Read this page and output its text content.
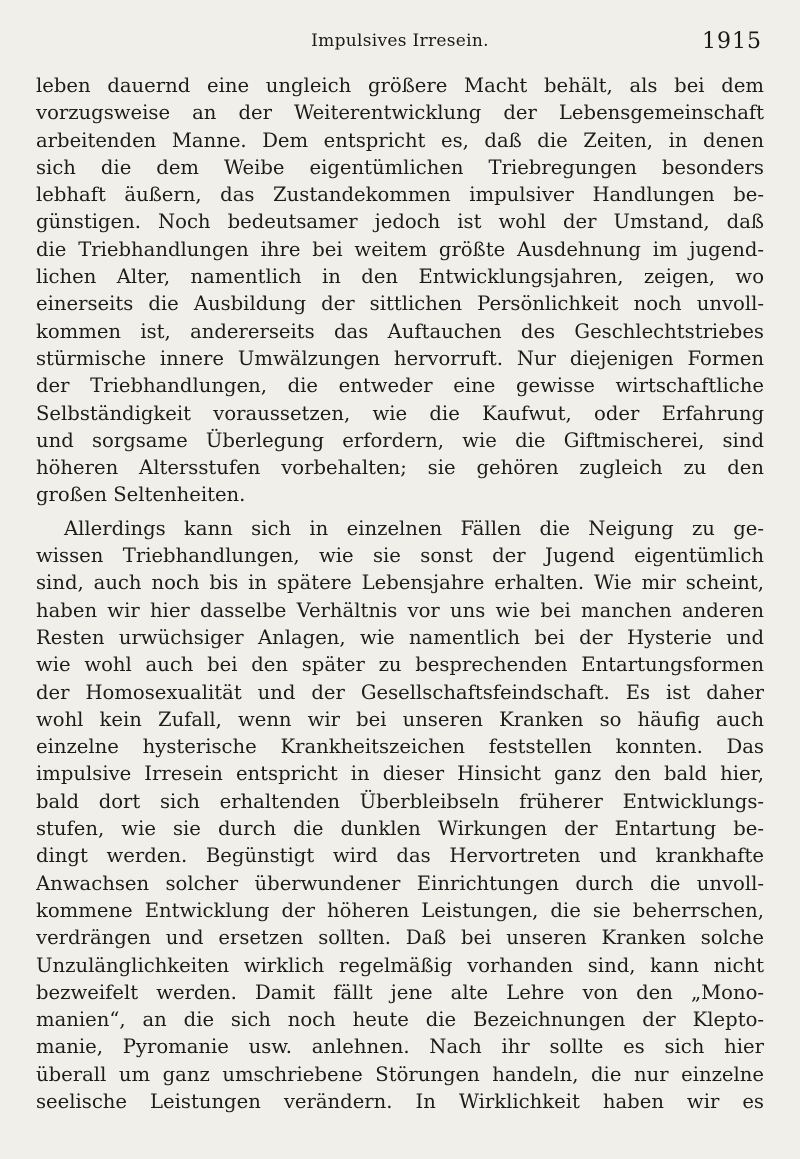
Impulsives Irresein.	1915
leben dauernd eine ungleich größere Macht behält, als bei dem
vorzugsweise an der Weiterentwicklung der Lebensgemeinschaft
arbeitenden Manne. Dem entspricht es, daß die Zeiten, in denen
sich die dem Weibe eigentümlichen Triebregungen besonders
lebhaft äußern, das Zustandekommen impulsiver Handlungen be-
günstigen. Noch bedeutsamer jedoch ist wohl der Umstand, daß
die Triebhandlungen ihre bei weitem größte Ausdehnung im jugend-
lichen Alter, namentlich in den Entwicklungsjahren, zeigen, wo
einerseits die Ausbildung der sittlichen Persönlichkeit noch unvoll-
kommen ist, andererseits das Auftauchen des Geschlechtstriebes
stürmische innere Umwälzungen hervorruft. Nur diejenigen Formen
der Triebhandlungen, die entweder eine gewisse wirtschaftliche
Selbständigkeit voraussetzen, wie die Kaufwut, oder Erfahrung
und sorgsame Überlegung erfordern, wie die Giftmischerei, sind
höheren Altersstufen vorbehalten; sie gehören zugleich zu den
großen Seltenheiten.
Allerdings kann sich in einzelnen Fällen die Neigung zu ge-
wissen Triebhandlungen, wie sie sonst der Jugend eigentümlich
sind, auch noch bis in spätere Lebensjahre erhalten. Wie mir scheint,
haben wir hier dasselbe Verhältnis vor uns wie bei manchen anderen
Resten urwüchsiger Anlagen, wie namentlich bei der Hysterie und
wie wohl auch bei den später zu besprechenden Entartungsformen
der Homosexualität und der Gesellschaftsfeindschaft. Es ist daher
wohl kein Zufall, wenn wir bei unseren Kranken so häufig auch
einzelne hysterische Krankheitszeichen feststellen konnten. Das
impulsive Irresein entspricht in dieser Hinsicht ganz den bald hier,
bald dort sich erhaltenden Überbleibseln früherer Entwicklungs-
stufen, wie sie durch die dunklen Wirkungen der Entartung be-
dingt werden. Begünstigt wird das Hervortreten und krankhafte
Anwachsen solcher überwundener Einrichtungen durch die unvoll-
kommene Entwicklung der höheren Leistungen, die sie beherrschen,
verdrängen und ersetzen sollten. Daß bei unseren Kranken solche
Unzulänglichkeiten wirklich regelmäßig vorhanden sind, kann nicht
bezweifelt werden. Damit fällt jene alte Lehre von den „Mono-
manien“, an die sich noch heute die Bezeichnungen der Klepto-
manie, Pyromanie usw. anlehnen. Nach ihr sollte es sich hier
überall um ganz umschriebene Störungen handeln, die nur einzelne
seelische Leistungen verändern. In Wirklichkeit haben wir es
